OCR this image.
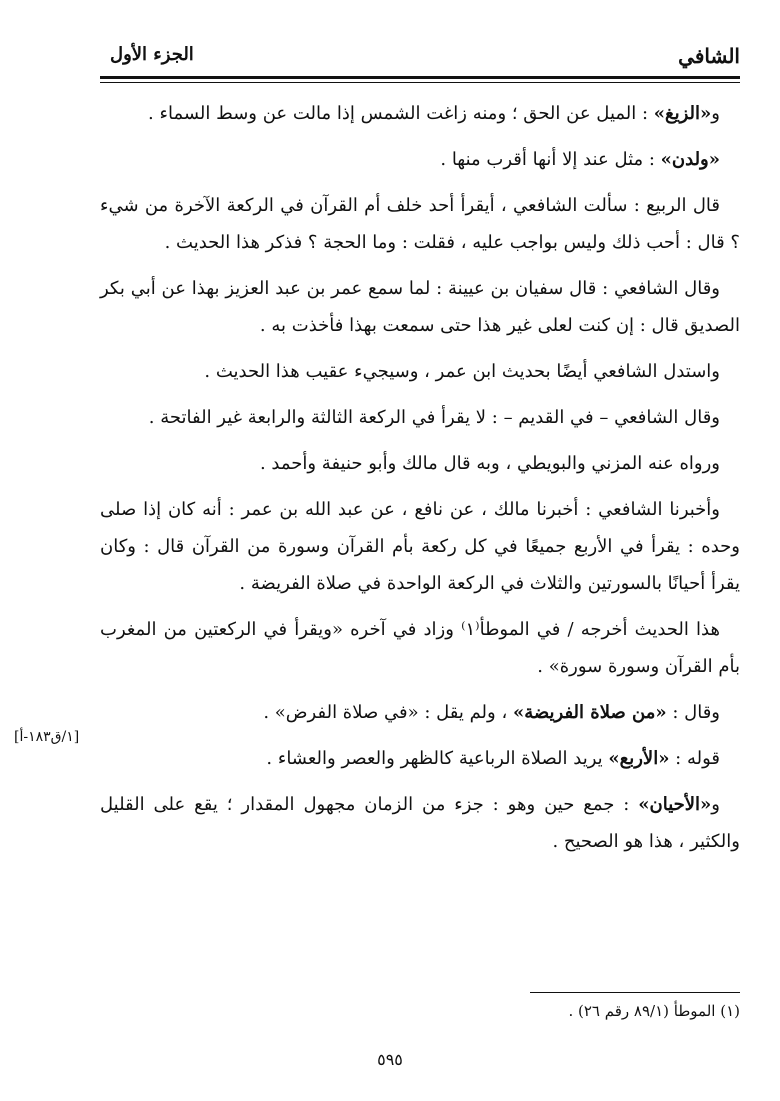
الشافي
الجزء الأول

و«الزيغ» : الميل عن الحق ؛ ومنه زاغت الشمس إذا مالت عن وسط السماء .

«ولدن» : مثل عند إلا أنها أقرب منها .

قال الربيع : سألت الشافعي ، أيقرأ أحد خلف أم القرآن في الركعة الآخرة من شيء ؟ قال : أحب ذلك وليس بواجب عليه ، فقلت : وما الحجة ؟ فذكر هذا الحديث .

وقال الشافعي : قال سفيان بن عيينة : لما سمع عمر بن عبد العزيز بهذا عن أبي بكر الصديق قال : إن كنت لعلى غير هذا حتى سمعت بهذا فأخذت به .

واستدل الشافعي أيضًا بحديث ابن عمر ، وسيجيء عقيب هذا الحديث .

وقال الشافعي – في القديم – : لا يقرأ في الركعة الثالثة والرابعة غير الفاتحة .

ورواه عنه المزني والبويطي ، وبه قال مالك وأبو حنيفة وأحمد .

وأخبرنا الشافعي : أخبرنا مالك ، عن نافع ، عن عبد الله بن عمر : أنه كان إذا صلى وحده : يقرأ في الأربع جميعًا في كل ركعة بأم القرآن وسورة من القرآن قال : وكان يقرأ أحيانًا بالسورتين والثلاث في الركعة الواحدة في صلاة الفريضة .

هذا الحديث أخرجه / في الموطأ⁽١⁾ وزاد في آخره «ويقرأ في الركعتين من المغرب بأم القرآن وسورة سورة» .

وقال : «من صلاة الفريضة» ، ولم يقل : «في صلاة الفرض» .

قوله : «الأربع» يريد الصلاة الرباعية كالظهر والعصر والعشاء .

و«الأحيان» : جمع حين وهو : جزء من الزمان مجهول المقدار ؛ يقع على القليل والكثير ، هذا هو الصحيح .

[١/ق١٨٣-أ]
(١) الموطأ (٨٩/١ رقم ٢٦) .
٥٩٥
